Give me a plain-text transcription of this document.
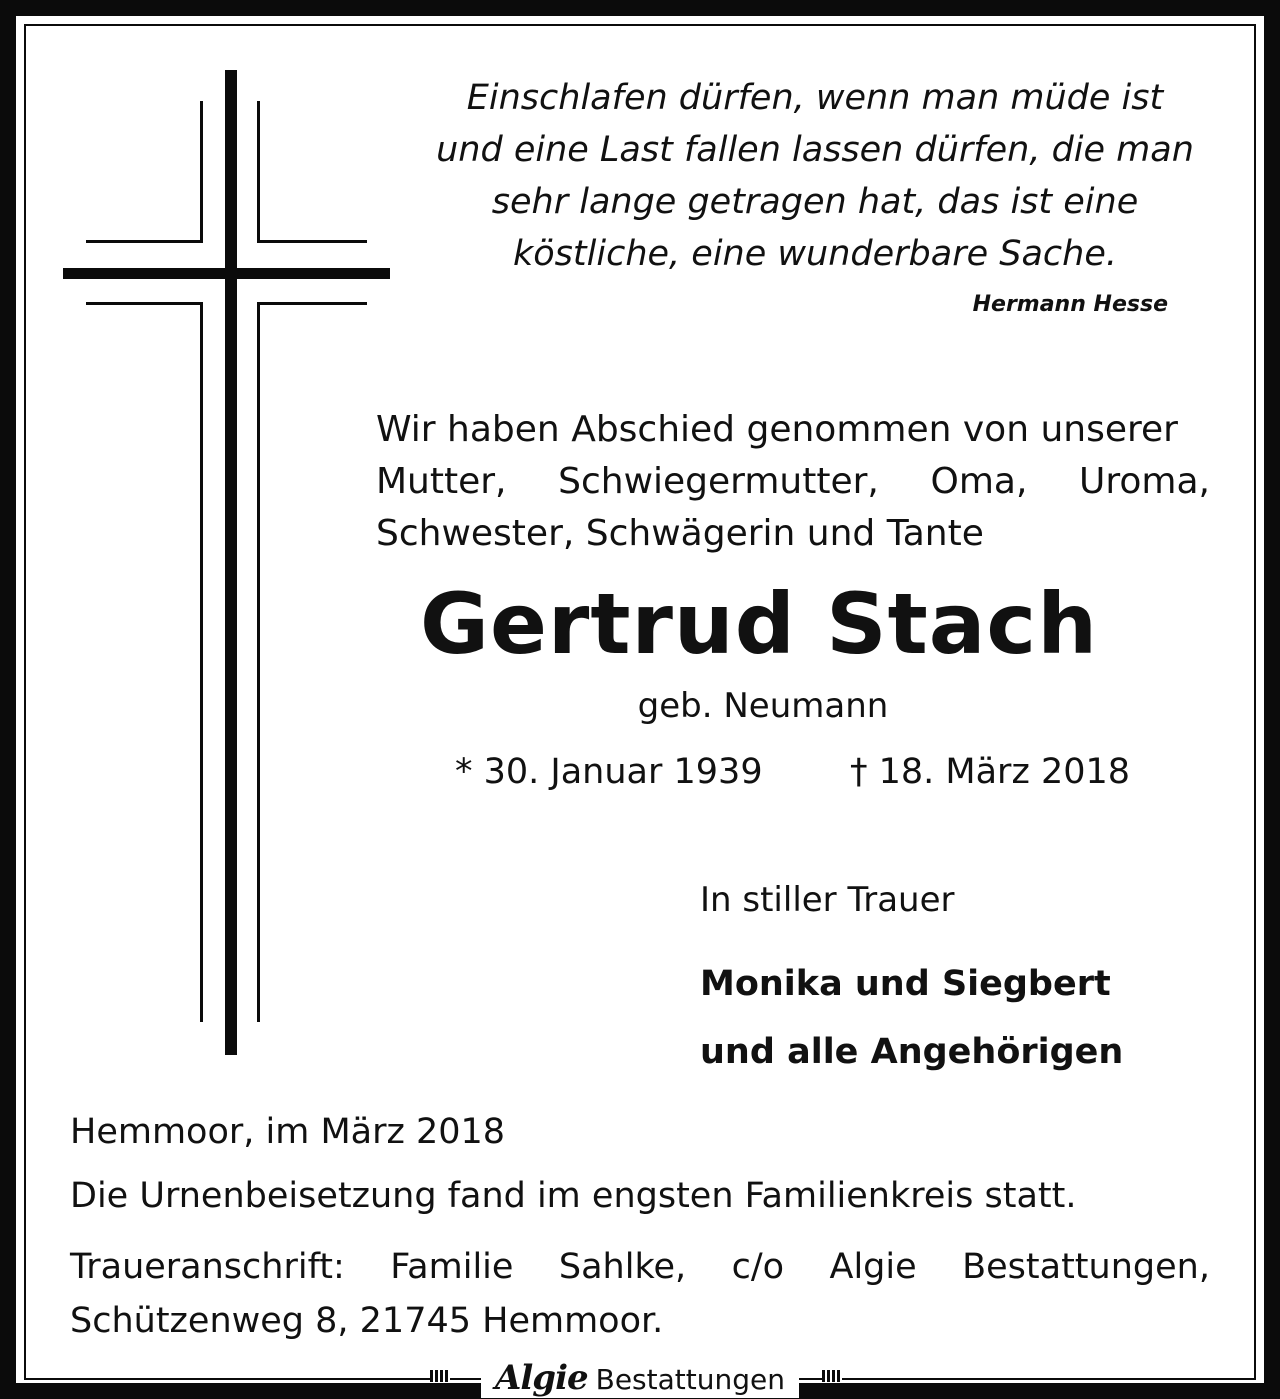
Einschlafen dürfen, wenn man müde ist
und eine Last fallen lassen dürfen, die man
sehr lange getragen hat, das ist eine
köstliche, eine wunderbare Sache.
Hermann Hesse
Wir haben Abschied genommen von unserer
Mutter, Schwiegermutter, Oma, Uroma,
Schwester, Schwägerin und Tante
Gertrud Stach
geb. Neumann
* 30. Januar 1939 † 18. März 2018
In stiller Trauer
Monika und Siegbert
und alle Angehörigen
Hemmoor, im März 2018
Die Urnenbeisetzung fand im engsten Familienkreis statt.
Traueranschrift: Familie Sahlke, c/o Algie Bestattungen,
Schützenweg 8, 21745 Hemmoor.
Algie Bestattungen
